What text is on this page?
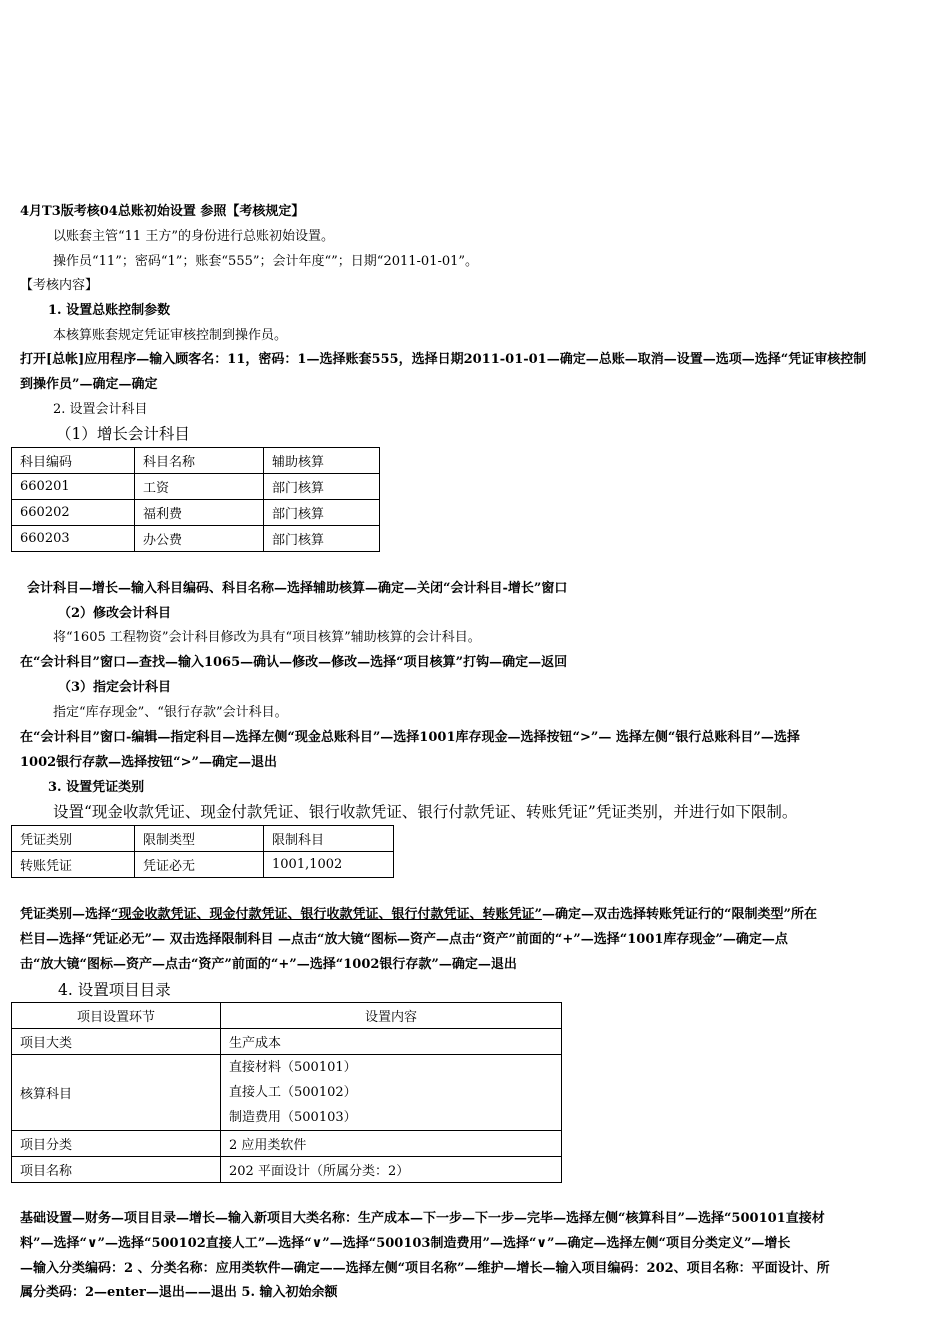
4月T3版考核04总账初始设置 参照【考核规定】
以账套主管“11 王方”的身份进行总账初始设置。
操作员“11”；密码“1”；账套“555”；会计年度“”；日期“2011-01-01”。
【考核内容】
1. 设置总账控制参数
本核算账套规定凭证审核控制到操作员。
打开[总帐]应用程序—输入顾客名：11，密码：1—选择账套555，选择日期2011-01-01—确定—总账—取消—设置—选项—选择“凭证审核控制
到操作员”—确定—确定
2. 设置会计科目
（1）增长会计科目
科目编码	科目名称	辅助核算
660201	工资	部门核算
660202	福利费	部门核算
660203	办公费	部门核算
会计科目—增长—输入科目编码、科目名称—选择辅助核算—确定—关闭“会计科目-增长”窗口
（2）修改会计科目
将“1605 工程物资”会计科目修改为具有“项目核算”辅助核算的会计科目。
在“会计科目”窗口—查找—输入1065—确认—修改—修改—选择“项目核算”打钩—确定—返回
（3）指定会计科目
指定“库存现金”、“银行存款”会计科目。
在“会计科目”窗口-编辑—指定科目—选择左侧“现金总账科目”—选择1001库存现金—选择按钮“>”— 选择左侧“银行总账科目”—选择
1002银行存款—选择按钮“>”—确定—退出
3. 设置凭证类别
设置“现金收款凭证、现金付款凭证、银行收款凭证、银行付款凭证、转账凭证”凭证类别，并进行如下限制。
凭证类别	限制类型	限制科目
转账凭证	凭证必无	1001,1002
凭证类别—选择“现金收款凭证、现金付款凭证、银行收款凭证、银行付款凭证、转账凭证”—确定—双击选择转账凭证行的“限制类型”所在
栏目—选择“凭证必无”— 双击选择限制科目 —点击“放大镜“图标—资产—点击“资产”前面的“+”—选择“1001库存现金”—确定—点
击“放大镜“图标—资产—点击“资产”前面的“+”—选择“1002银行存款”—确定—退出
4. 设置项目目录
项目设置环节	设置内容
项目大类	生产成本
核算科目	直接材料（500101）
直接人工（500102）
制造费用（500103）

项目分类	2 应用类软件
项目名称	202 平面设计（所属分类：2）
基础设置—财务—项目目录—增长—输入新项目大类名称：生产成本—下一步—下一步—完毕—选择左侧“核算科目”—选择“500101直接材
料”—选择“∨”—选择“500102直接人工”—选择“∨”—选择“500103制造费用”—选择“∨”—确定—选择左侧“项目分类定义”—增长
—输入分类编码：2 、分类名称：应用类软件—确定——选择左侧“项目名称”—维护—增长—输入项目编码：202、项目名称：平面设计、所
属分类码：2—enter—退出——退出 5. 输入初始余额
